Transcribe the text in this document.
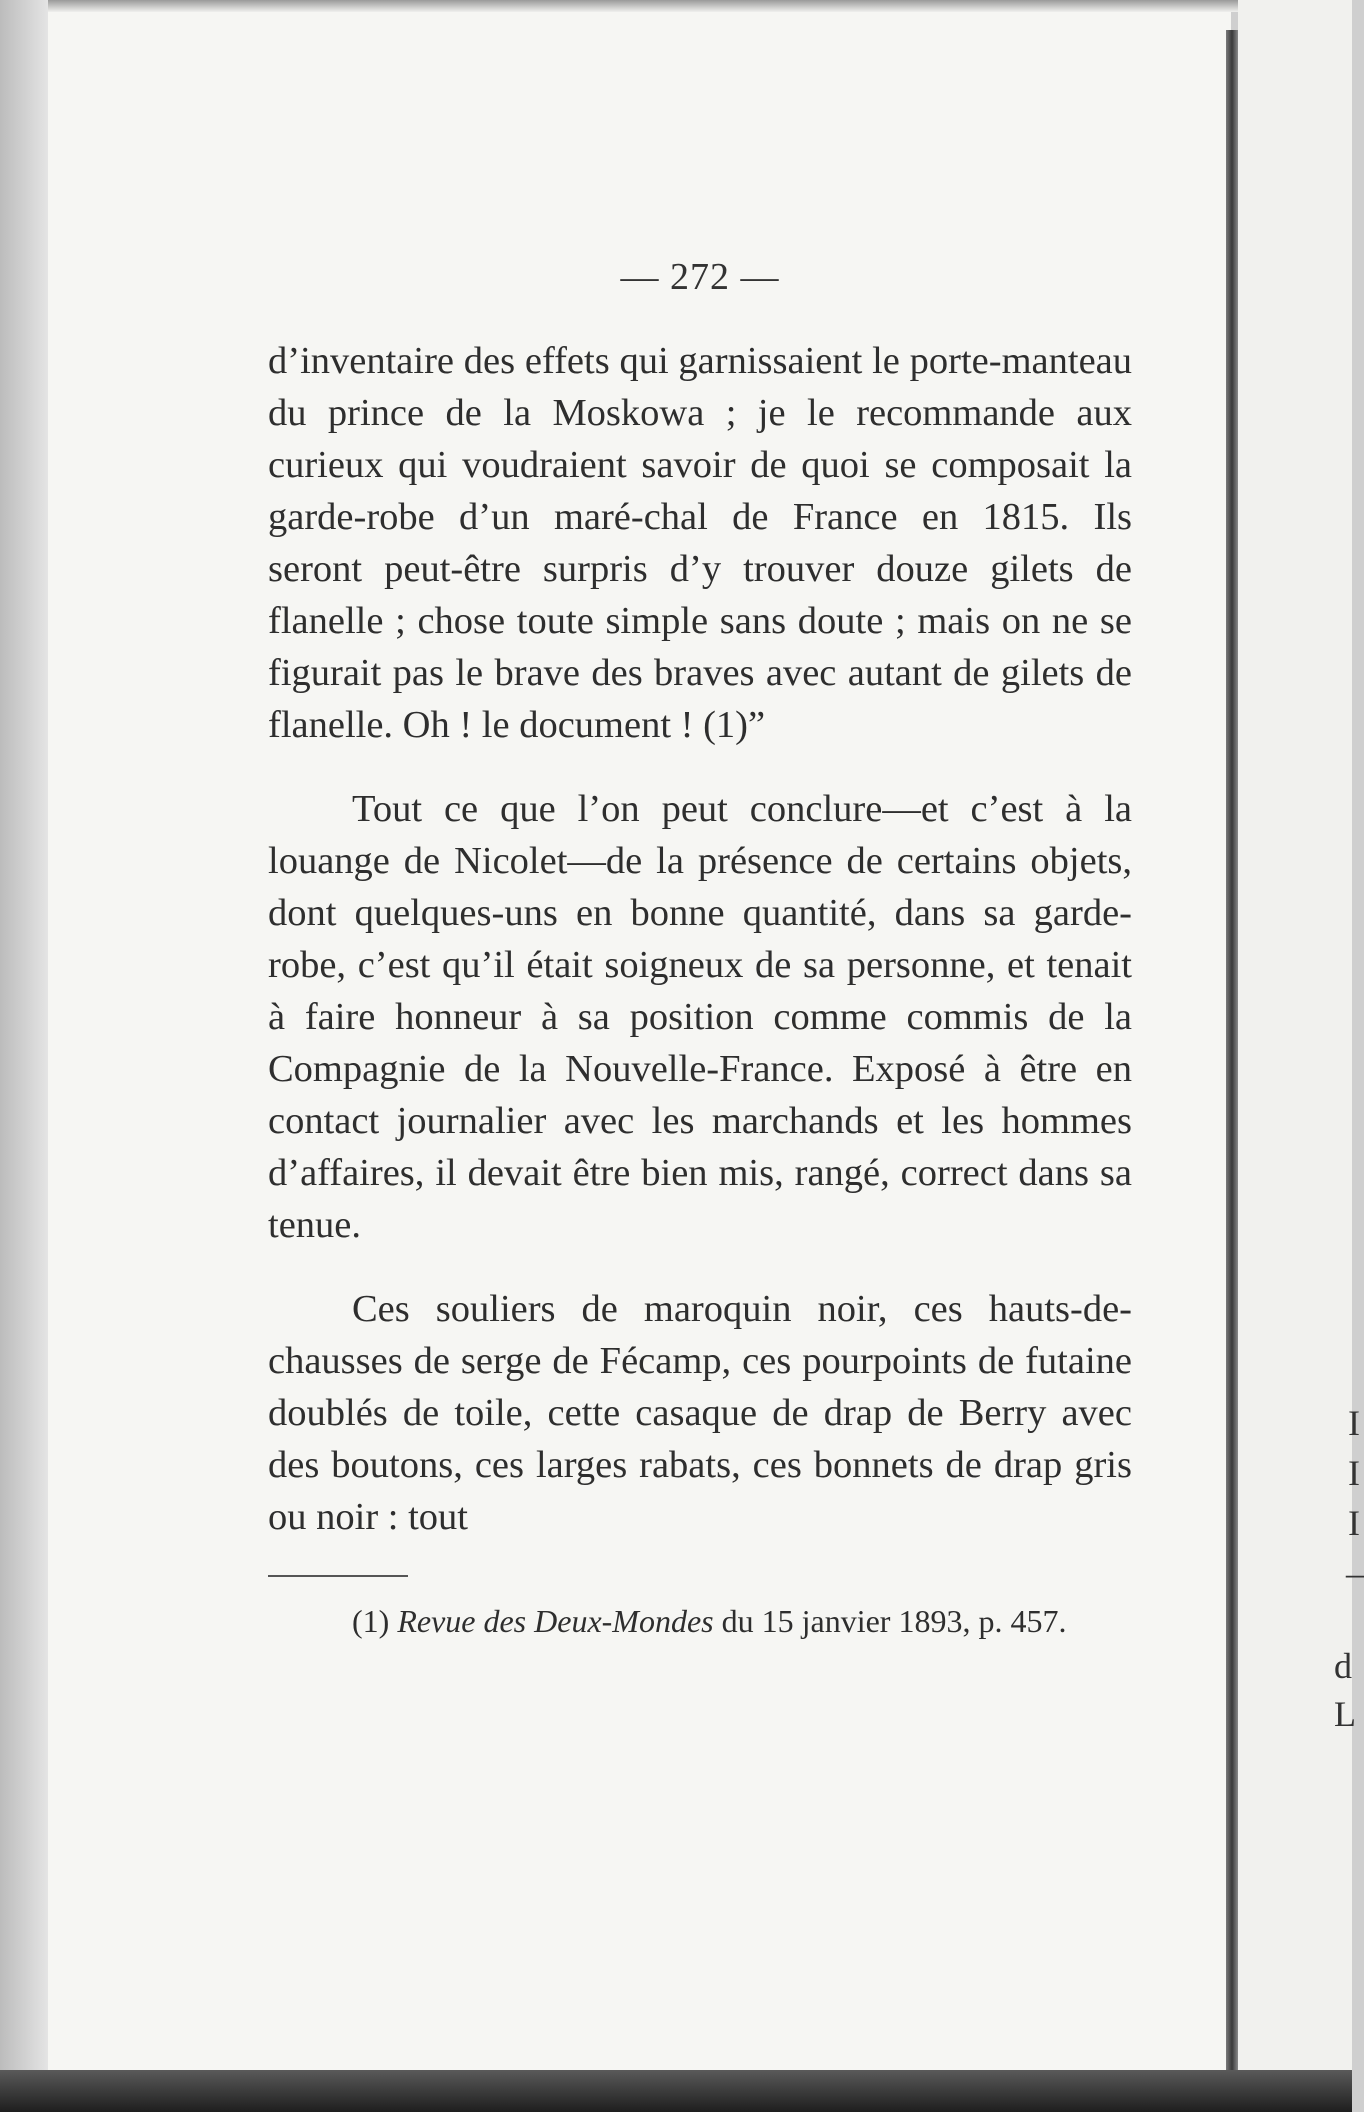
I
I
I
–
d
L
— 272 —

d’inventaire des effets qui garnissaient le porte-manteau du prince de la Moskowa ; je le recommande aux curieux qui voudraient savoir de quoi se composait la garde-robe d’un maré-chal de France en 1815. Ils seront peut-être surpris d’y trouver douze gilets de flanelle ; chose toute simple sans doute ; mais on ne se figurait pas le brave des braves avec autant de gilets de flanelle. Oh ! le document ! (1)”

Tout ce que l’on peut conclure—et c’est à la louange de Nicolet—de la présence de certains objets, dont quelques-uns en bonne quantité, dans sa garde-robe, c’est qu’il était soigneux de sa personne, et tenait à faire honneur à sa position comme commis de la Compagnie de la Nouvelle-France. Exposé à être en contact journalier avec les marchands et les hommes d’affaires, il devait être bien mis, rangé, correct dans sa tenue.

Ces souliers de maroquin noir, ces hauts-de-chausses de serge de Fécamp, ces pourpoints de futaine doublés de toile, cette casaque de drap de Berry avec des boutons, ces larges rabats, ces bonnets de drap gris ou noir : tout

(1) Revue des Deux-Mondes du 15 janvier 1893, p. 457.
